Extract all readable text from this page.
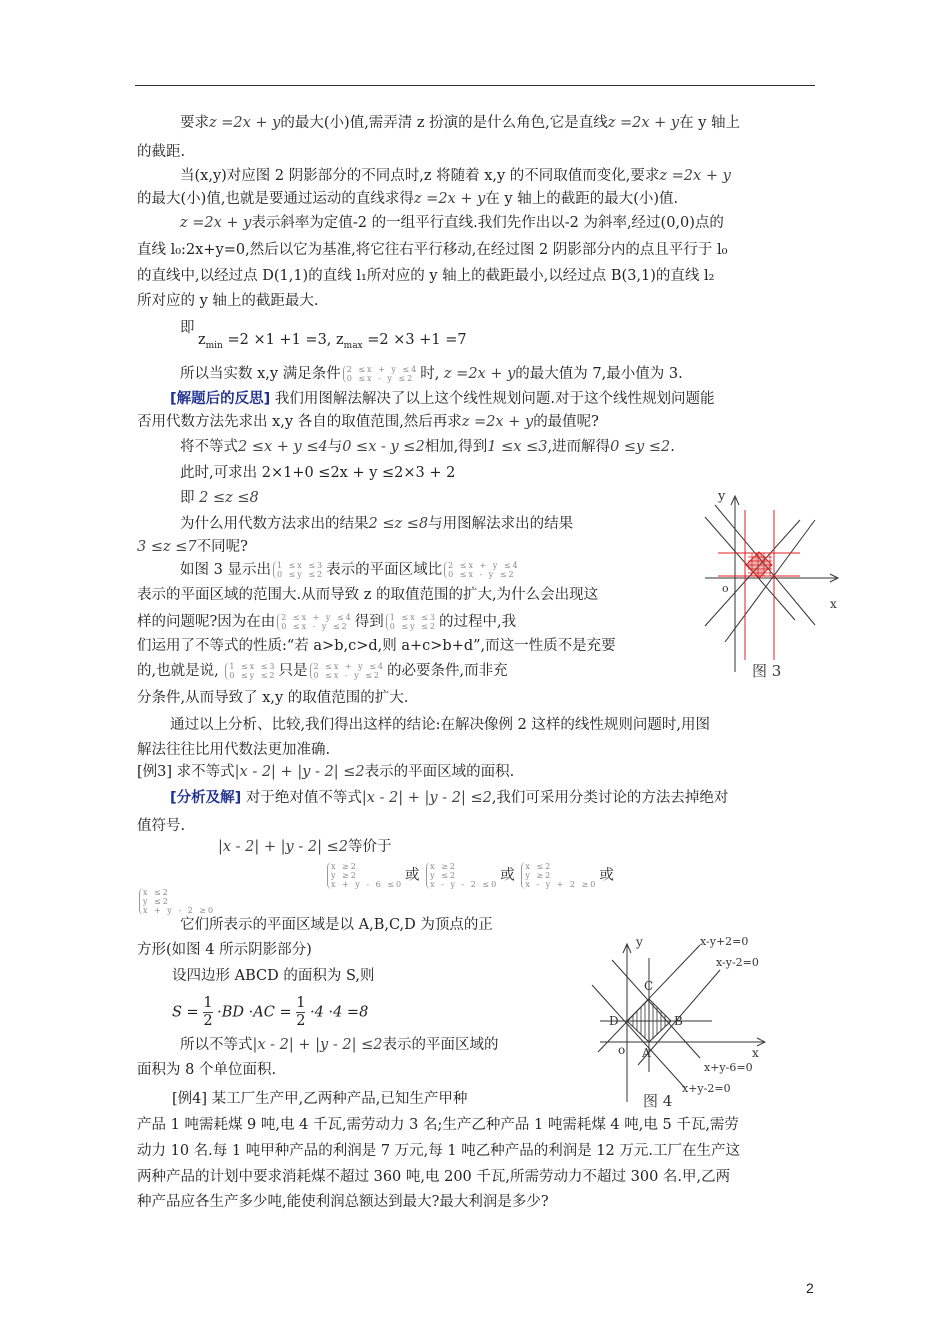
要求z =2x + y的最大(小)值,需弄清 z 扮演的是什么角色,它是直线z =2x + y在 y 轴上
的截距.
当(x,y)对应图 2 阴影部分的不同点时,z 将随着 x,y 的不同取值而变化,要求z =2x + y
的最大(小)值,也就是要通过运动的直线求得z =2x + y在 y 轴上的截距的最大(小)值.
z =2x + y表示斜率为定值-2 的一组平行直线.我们先作出以-2 为斜率,经过(0,0)点的
直线 l₀:2x+y=0,然后以它为基准,将它往右平行移动,在经过图 2 阴影部分内的点且平行于 l₀
的直线中,以经过点 D(1,1)的直线 l₁所对应的 y 轴上的截距最小,以经过点 B(3,1)的直线 l₂
所对应的 y 轴上的截距最大.
即
$z_{min} =2 \times 1 +1 =3$, $z_{max} =2 \times 3 +1 =7$
所以当实数 x,y 满足条件 2 ≤x + y ≤4
0 ≤x - y ≤2 时, z =2x + y的最大值为 7,最小值为 3.
[解题后的反思] 我们用图解法解决了以上这个线性规划问题.对于这个线性规划问题能
否用代数方法先求出 x,y 各自的取值范围,然后再求z =2x + y的最值呢?
将不等式2 ≤x + y ≤4与0 ≤x - y ≤2相加,得到1 ≤x ≤3,进而解得0 ≤y ≤2.
此时,可求出 2×1+0 ≤2x + y ≤2×3 + 2
即 2 ≤z ≤8
为什么用代数方法求出的结果2 ≤z ≤8与用图解法求出的结果
3 ≤z ≤7不同呢?
如图 3 显示出 1 ≤x ≤3
0 ≤y ≤2 表示的平面区域比 2 ≤x + y ≤4
0 ≤x - y ≤2
表示的平面区域的范围大.从而导致 z 的取值范围的扩大,为什么会出现这
样的问题呢?因为在由 2 ≤x + y ≤4
0 ≤x - y ≤2 得到 1 ≤x ≤3
0 ≤y ≤2 的过程中,我
们运用了不等式的性质:“若 a>b,c>d,则 a+c>b+d”,而这一性质不是充要
的,也就是说, 1 ≤x ≤3
0 ≤y ≤2 只是 2 ≤x + y ≤4
0 ≤x - y ≤2 的必要条件,而非充
分条件,从而导致了 x,y 的取值范围的扩大.
通过以上分析、比较,我们得出这样的结论:在解决像例 2 这样的线性规则问题时,用图
解法往往比用代数法更加准确.
[例3] 求不等式|x - 2| + |y - 2| ≤2表示的平面区域的面积.
[分析及解] 对于绝对值不等式|x - 2| + |y - 2| ≤2,我们可采用分类讨论的方法去掉绝对
值符号.
|x - 2| + |y - 2| ≤2等价于
x ≥2
y ≥2
x + y - 6 ≤0
或
x ≥2
y ≤2
x - y - 2 ≤0
或
x ≤2
y ≥2
x - y + 2 ≥0
或
x ≤2
y ≤2
x + y - 2 ≥0
它们所表示的平面区域是以 A,B,C,D 为顶点的正
方形(如图 4 所示阴影部分)
设四边形 ABCD 的面积为 S,则
所以不等式|x - 2| + |y - 2| ≤2表示的平面区域的
面积为 8 个单位面积.
[例4] 某工厂生产甲,乙两种产品,已知生产甲种
产品 1 吨需耗煤 9 吨,电 4 千瓦,需劳动力 3 名;生产乙种产品 1 吨需耗煤 4 吨,电 5 千瓦,需劳
动力 10 名.每 1 吨甲种产品的利润是 7 万元,每 1 吨乙种产品的利润是 12 万元.工厂在生产这
两种产品的计划中要求消耗煤不超过 360 吨,电 200 千瓦,所需劳动力不超过 300 名.甲,乙两
种产品应各生产多少吨,能使利润总额达到最大?最大利润是多少?
$S = \frac{1}{2} \cdot BD \cdot AC = \frac{1}{2} \cdot 4 \cdot 4 =8$
y
x
o
图 3
y
x
o
C
B
D
A
x-y+2=0
x-y-2=0
x+y-6=0
x+y-2=0
图 4
2
